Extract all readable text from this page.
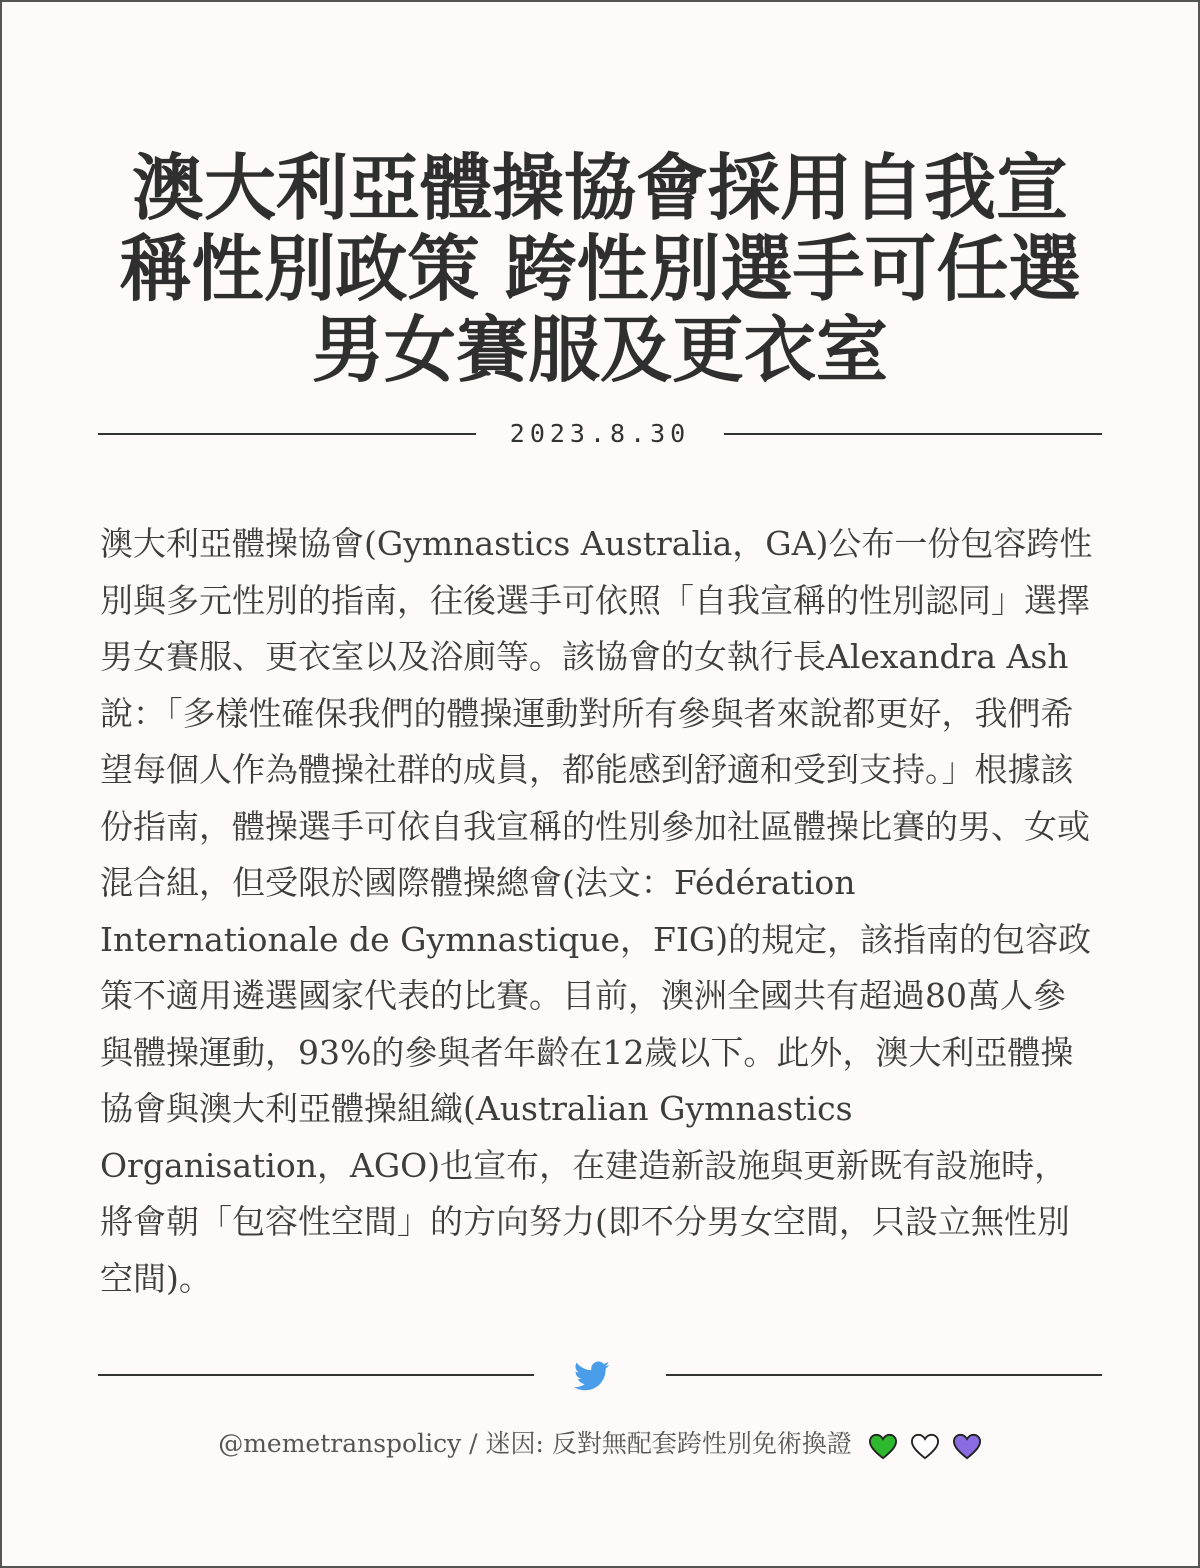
澳大利亞體操協會採用自我宣稱性別政策 跨性別選手可任選男女賽服及更衣室
2023.8.30

澳大利亞體操協會(Gymnastics Australia，GA)公布一份包容跨性別與多元性別的指南，往後選手可依照「自我宣稱的性別認同」選擇男女賽服、更衣室以及浴廁等。該協會的女執行長Alexandra Ash說：「多樣性確保我們的體操運動對所有參與者來說都更好，我們希望每個人作為體操社群的成員，都能感到舒適和受到支持。」根據該份指南，體操選手可依自我宣稱的性別參加社區體操比賽的男、女或混合組，但受限於國際體操總會(法文：Fédération Internationale de Gymnastique，FIG)的規定，該指南的包容政策不適用遴選國家代表的比賽。目前，澳洲全國共有超過80萬人參與體操運動，93%的參與者年齡在12歲以下。此外，澳大利亞體操協會與澳大利亞體操組織(Australian Gymnastics Organisation，AGO)也宣布，在建造新設施與更新既有設施時，將會朝「包容性空間」的方向努力(即不分男女空間，只設立無性別空間)。

@memetranspolicy / 迷因: 反對無配套跨性別免術換證
